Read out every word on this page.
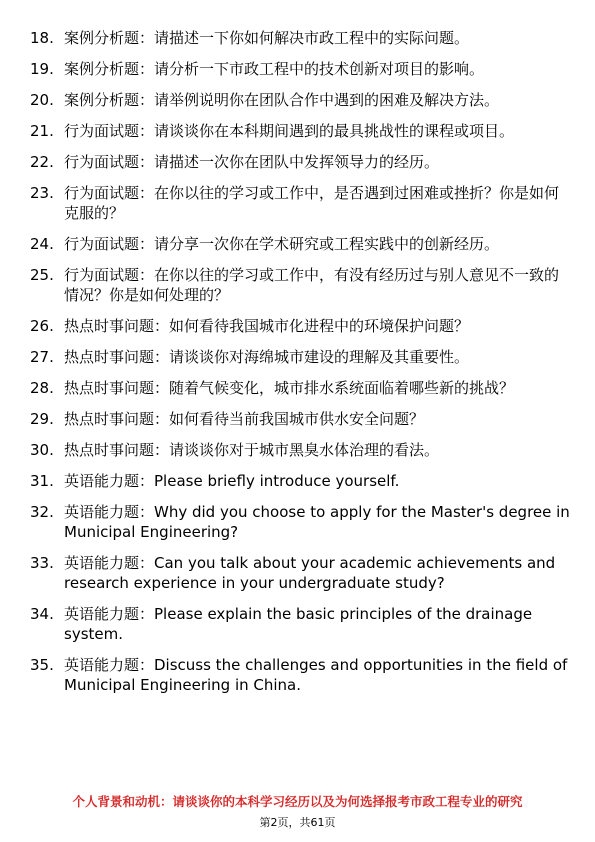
18. 案例分析题：请描述一下你如何解决市政工程中的实际问题。
19. 案例分析题：请分析一下市政工程中的技术创新对项目的影响。
20. 案例分析题：请举例说明你在团队合作中遇到的困难及解决方法。
21. 行为面试题：请谈谈你在本科期间遇到的最具挑战性的课程或项目。
22. 行为面试题：请描述一次你在团队中发挥领导力的经历。
23. 行为面试题：在你以往的学习或工作中，是否遇到过困难或挫折？你是如何克服的？
24. 行为面试题：请分享一次你在学术研究或工程实践中的创新经历。
25. 行为面试题：在你以往的学习或工作中，有没有经历过与别人意见不一致的情况？你是如何处理的？
26. 热点时事问题：如何看待我国城市化进程中的环境保护问题？
27. 热点时事问题：请谈谈你对海绵城市建设的理解及其重要性。
28. 热点时事问题：随着气候变化，城市排水系统面临着哪些新的挑战？
29. 热点时事问题：如何看待当前我国城市供水安全问题？
30. 热点时事问题：请谈谈你对于城市黑臭水体治理的看法。
31. 英语能力题：Please briefly introduce yourself.
32. 英语能力题：Why did you choose to apply for the Master's degree in Municipal Engineering?
33. 英语能力题：Can you talk about your academic achievements and research experience in your undergraduate study?
34. 英语能力题：Please explain the basic principles of the drainage system.
35. 英语能力题：Discuss the challenges and opportunities in the field of Municipal Engineering in China.
个人背景和动机：请谈谈你的本科学习经历以及为何选择报考市政工程专业的研究
第2页，共61页
